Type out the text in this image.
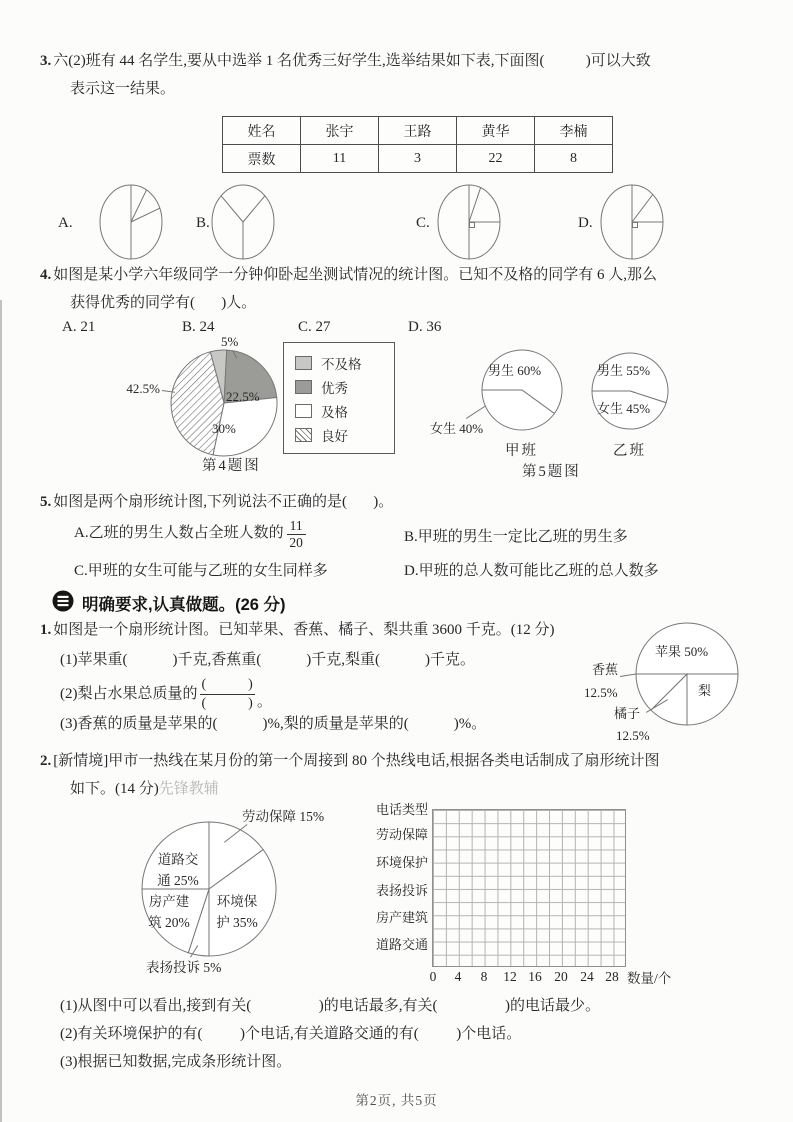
3. 六(2)班有 44 名学生,要从中选举 1 名优秀三好学生,选举结果如下表,下面图(           )可以大致
表示这一结果。
姓名	张宇	王路	黄华	李楠
票数	11	3	22	8
A.	B.	C.	D.
4. 如图是某小学六年级同学一分钟仰卧起坐测试情况的统计图。已知不及格的同学有 6 人,那么
获得优秀的同学有(       )人。
A. 21	B. 24	C. 27	D. 36
5%
42.5%
22.5%
30%
第4题图
不及格
优秀
及格
良好
男生 60%
女生 40%
甲班
男生 55%
女生 45%
乙班
第5题图
5. 如图是两个扇形统计图,下列说法不正确的是(       )。
A.乙班的男生人数占全班人数的 $\frac{11}{20}$	B.甲班的男生一定比乙班的男生多
C.甲班的女生可能与乙班的女生同样多	D.甲班的总人数可能比乙班的总人数多
明确要求,认真做题。(26 分)
1. 如图是一个扇形统计图。已知苹果、香蕉、橘子、梨共重 3600 千克。(12 分)
(1)苹果重(            )千克,香蕉重(            )千克,梨重(            )千克。
(2)梨占水果总质量的
(            )
(            ) 。
(3)香蕉的质量是苹果的(            )%,梨的质量是苹果的(            )%。
苹果 50%
梨
香蕉
12.5%
橘子
12.5%
2. [新情境]甲市一热线在某月份的第一个周接到 80 个热线电话,根据各类电话制成了扇形统计图
如下。(14 分)先锋教辅
劳动保障 15%
道路交
通 25%
房产建
筑 20%
环境保
护 35%
表扬投诉 5%
电话类型
劳动保障
环境保护
表扬投诉
房产建筑
道路交通
0 4 8 12 16 20 24 28 数量/个
(1)从图中可以看出,接到有关(                  )的电话最多,有关(                  )的电话最少。
(2)有关环境保护的有(          )个电话,有关道路交通的有(          )个电话。
(3)根据已知数据,完成条形统计图。
第2页, 共5页
